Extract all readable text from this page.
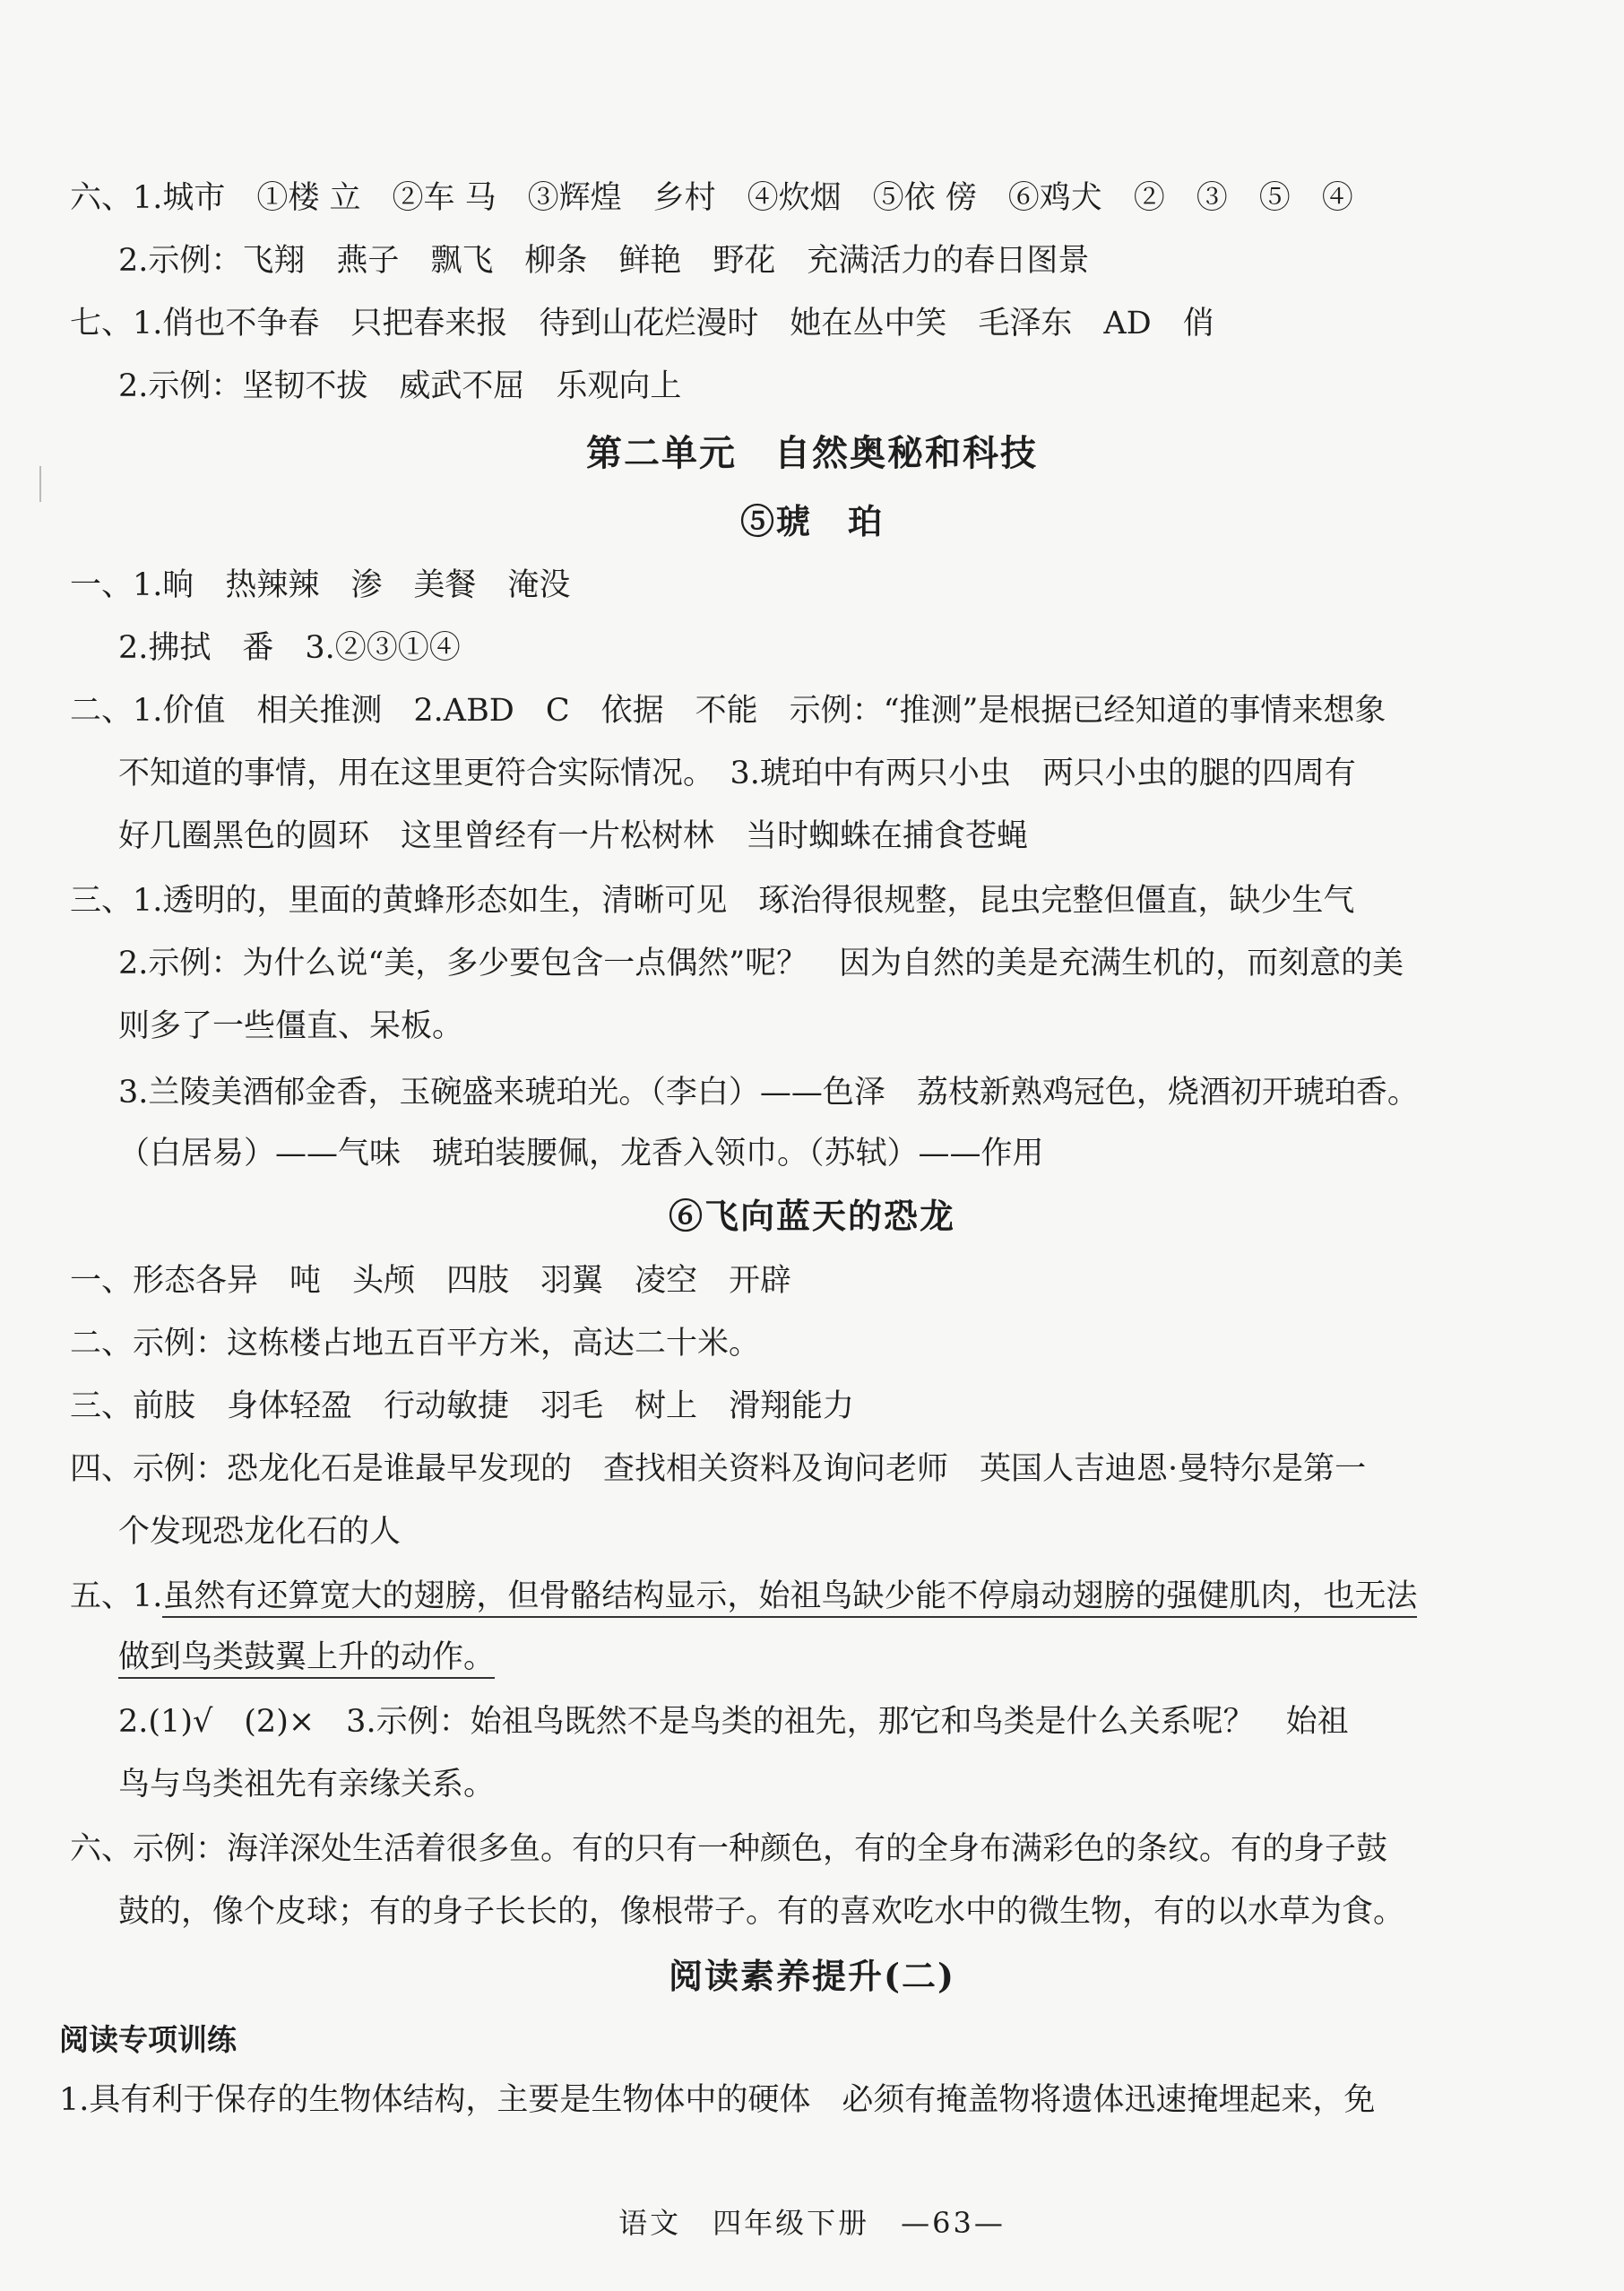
六、1.城市　①楼 立　②车 马　③辉煌　乡村　④炊烟　⑤依 傍　⑥鸡犬　②　③　⑤　④
2.示例：飞翔　燕子　飘飞　柳条　鲜艳　野花　充满活力的春日图景
七、1.俏也不争春　只把春来报　待到山花烂漫时　她在丛中笑　毛泽东　AD　俏
2.示例：坚韧不拔　威武不屈　乐观向上
第二单元　自然奥秘和科技
⑤琥　珀
一、1.晌　热辣辣　渗　美餐　淹没
2.拂拭　番　3.②③①④
二、1.价值　相关推测　2.ABD　C　依据　不能　示例：“推测”是根据已经知道的事情来想象
不知道的事情，用在这里更符合实际情况。　3.琥珀中有两只小虫　两只小虫的腿的四周有
好几圈黑色的圆环　这里曾经有一片松树林　当时蜘蛛在捕食苍蝇
三、1.透明的，里面的黄蜂形态如生，清晰可见　琢治得很规整，昆虫完整但僵直，缺少生气
2.示例：为什么说“美，多少要包含一点偶然”呢？　因为自然的美是充满生机的，而刻意的美
则多了一些僵直、呆板。
3.兰陵美酒郁金香，玉碗盛来琥珀光。（李白）——色泽　荔枝新熟鸡冠色，烧酒初开琥珀香。
（白居易）——气味　琥珀装腰佩，龙香入领巾。（苏轼）——作用
⑥飞向蓝天的恐龙
一、形态各异　吨　头颅　四肢　羽翼　凌空　开辟
二、示例：这栋楼占地五百平方米，高达二十米。
三、前肢　身体轻盈　行动敏捷　羽毛　树上　滑翔能力
四、示例：恐龙化石是谁最早发现的　查找相关资料及询问老师　英国人吉迪恩·曼特尔是第一
个发现恐龙化石的人
五、1.虽然有还算宽大的翅膀，但骨骼结构显示，始祖鸟缺少能不停扇动翅膀的强健肌肉，也无法
做到鸟类鼓翼上升的动作。
2.(1)√　(2)×　3.示例：始祖鸟既然不是鸟类的祖先，那它和鸟类是什么关系呢？　始祖
鸟与鸟类祖先有亲缘关系。
六、示例：海洋深处生活着很多鱼。有的只有一种颜色，有的全身布满彩色的条纹。有的身子鼓
鼓的，像个皮球；有的身子长长的，像根带子。有的喜欢吃水中的微生物，有的以水草为食。
阅读素养提升(二)
阅读专项训练
1.具有利于保存的生物体结构，主要是生物体中的硬体　必须有掩盖物将遗体迅速掩埋起来，免
语文　四年级下册　—63—
